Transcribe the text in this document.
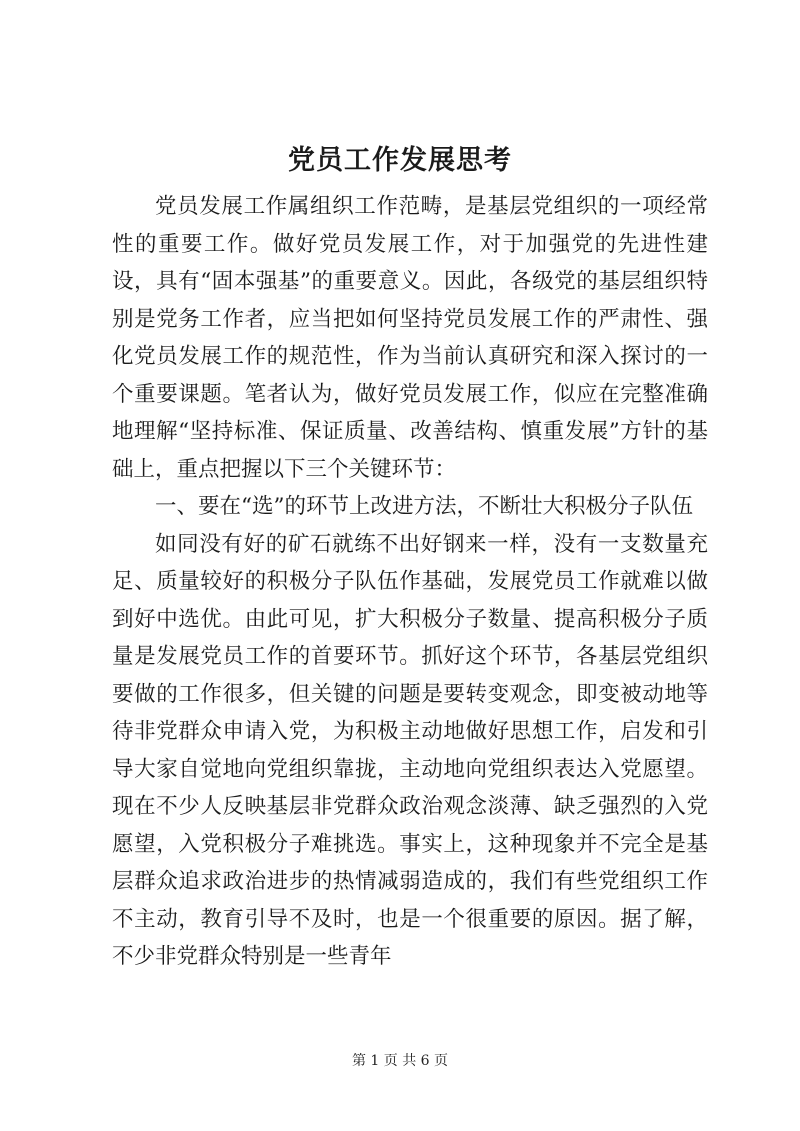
党员工作发展思考

党员发展工作属组织工作范畴，是基层党组织的一项经常性的重要工作。做好党员发展工作，对于加强党的先进性建设，具有“固本强基”的重要意义。因此，各级党的基层组织特别是党务工作者，应当把如何坚持党员发展工作的严肃性、强化党员发展工作的规范性，作为当前认真研究和深入探讨的一个重要课题。笔者认为，做好党员发展工作，似应在完整准确地理解“坚持标准、保证质量、改善结构、慎重发展”方针的基础上，重点把握以下三个关键环节：

一、要在“选”的环节上改进方法，不断壮大积极分子队伍

如同没有好的矿石就练不出好钢来一样，没有一支数量充足、质量较好的积极分子队伍作基础，发展党员工作就难以做到好中选优。由此可见，扩大积极分子数量、提高积极分子质量是发展党员工作的首要环节。抓好这个环节，各基层党组织要做的工作很多，但关键的问题是要转变观念，即变被动地等待非党群众申请入党，为积极主动地做好思想工作，启发和引导大家自觉地向党组织靠拢，主动地向党组织表达入党愿望。现在不少人反映基层非党群众政治观念淡薄、缺乏强烈的入党愿望，入党积极分子难挑选。事实上，这种现象并不完全是基层群众追求政治进步的热情减弱造成的，我们有些党组织工作不主动，教育引导不及时，也是一个很重要的原因。据了解，不少非党群众特别是一些青年

第 1 页 共 6 页
